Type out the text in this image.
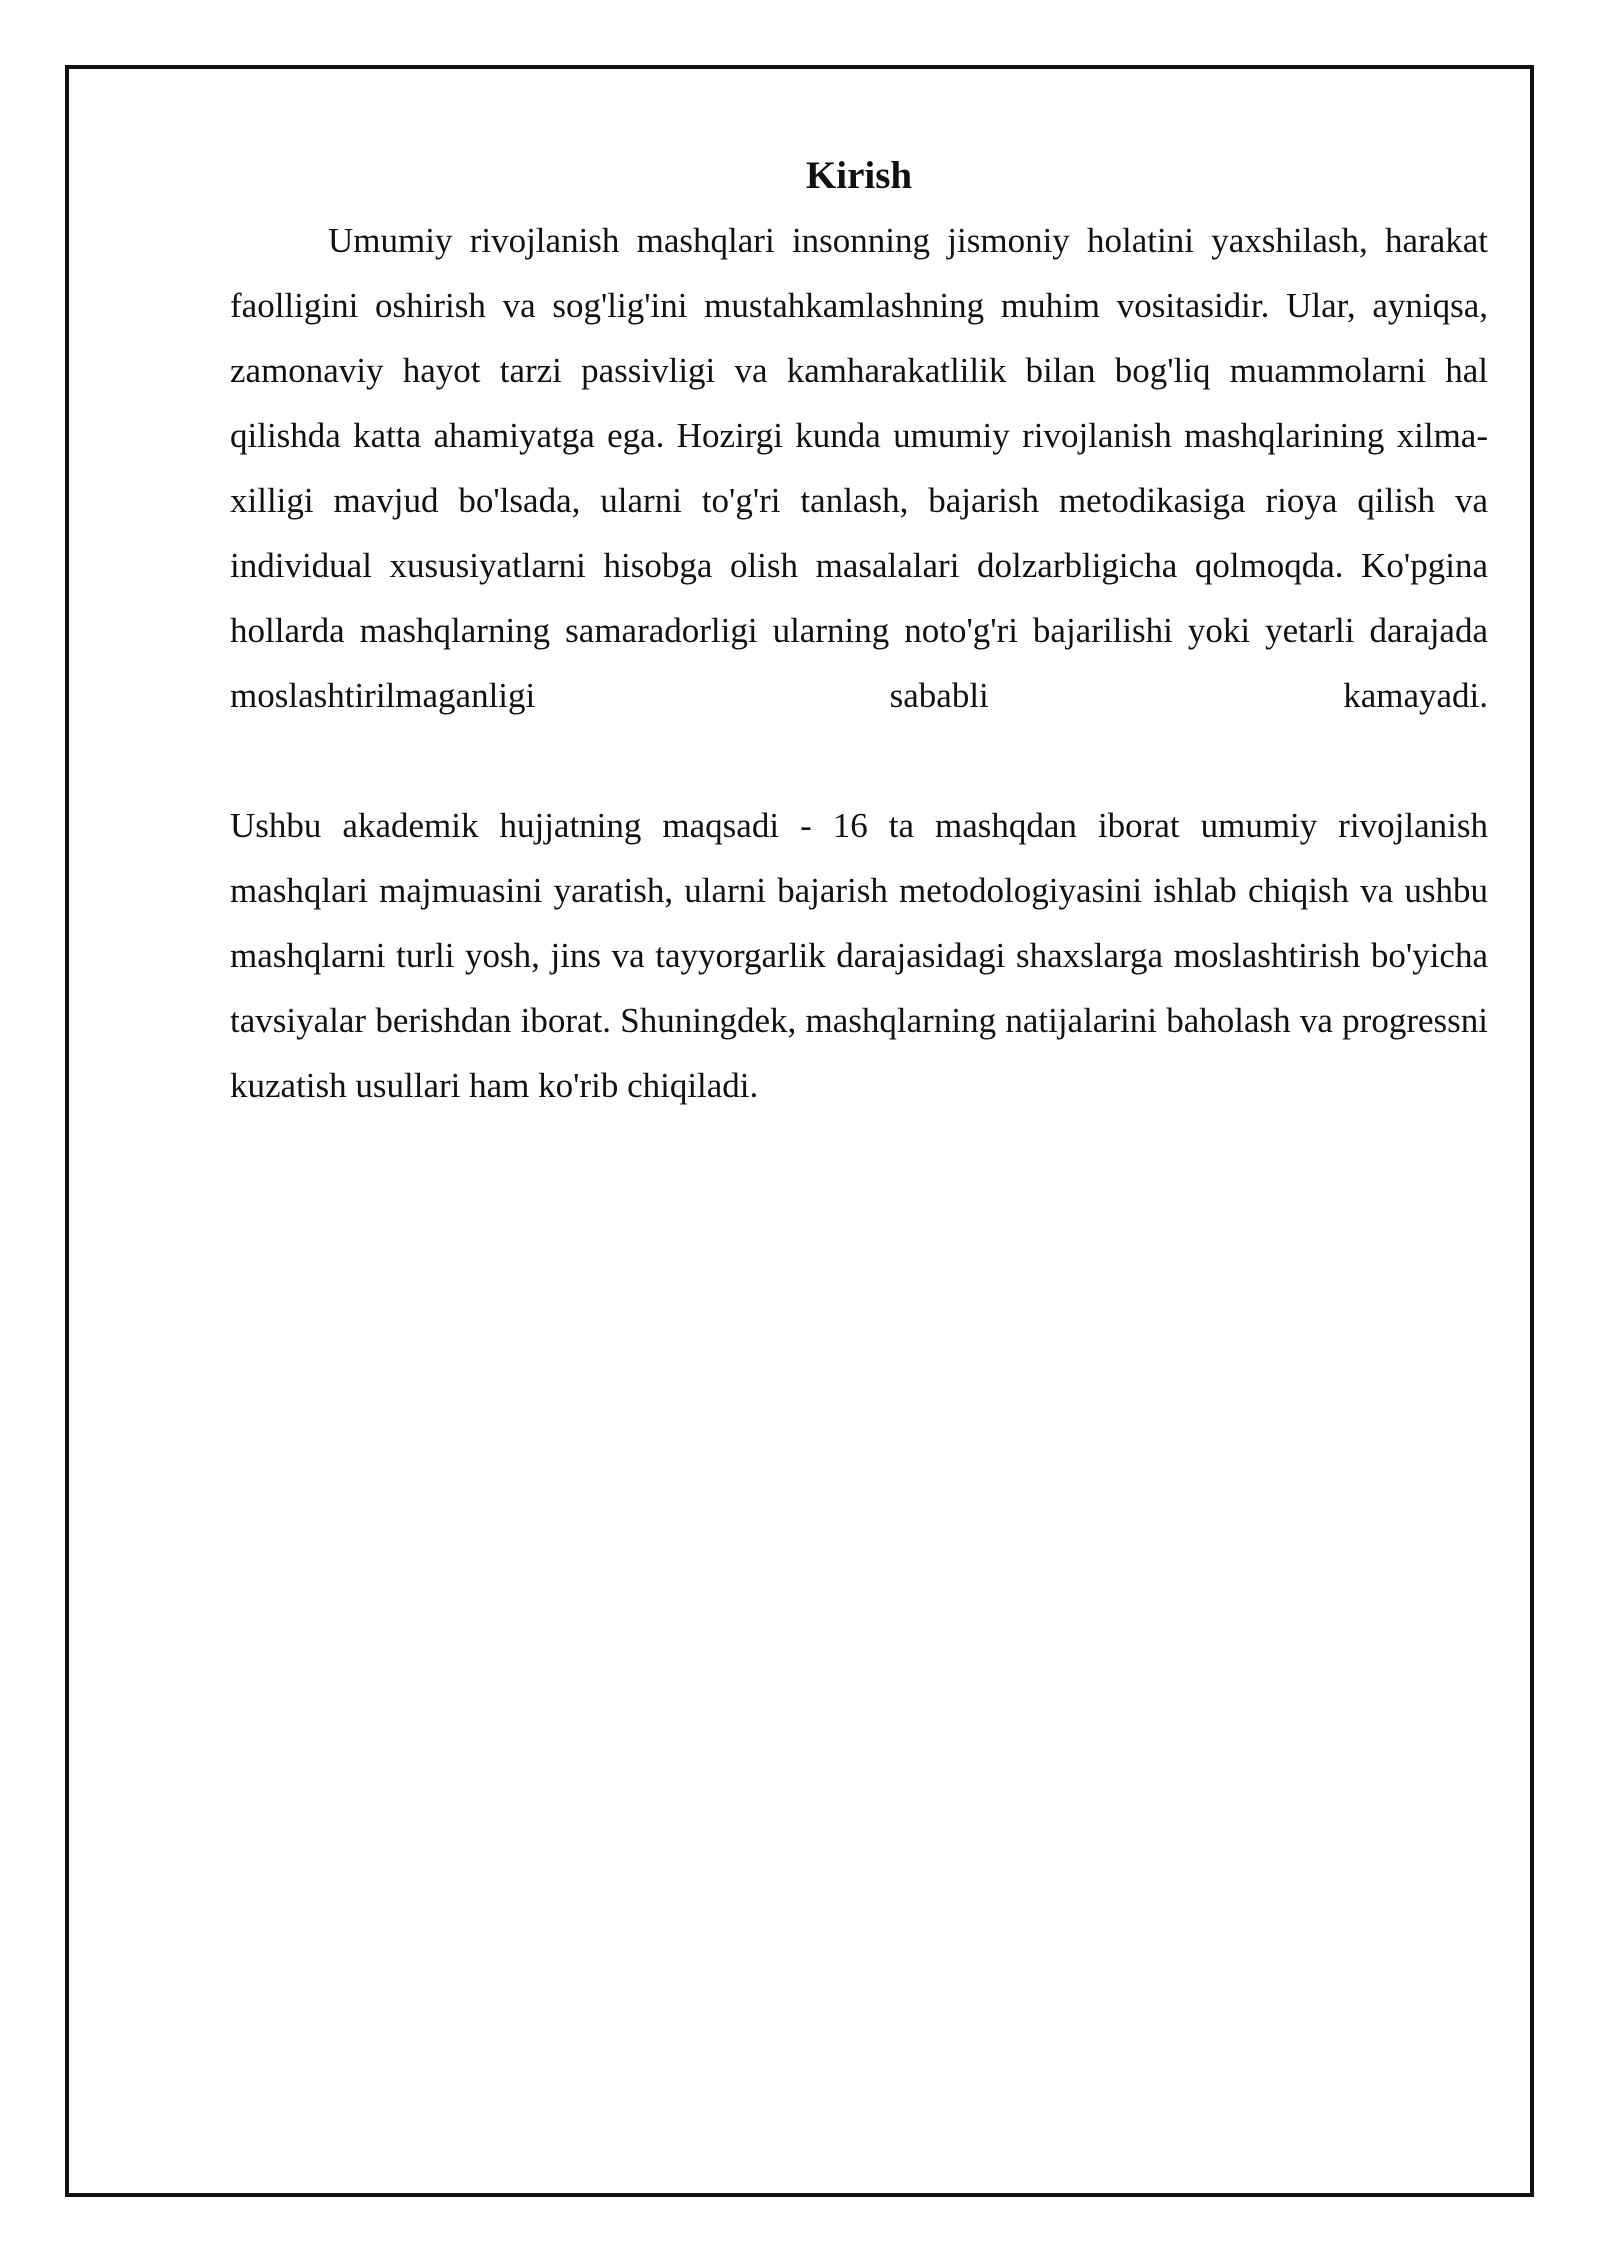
Kirish

Umumiy rivojlanish mashqlari insonning jismoniy holatini yaxshilash, harakat faolligini oshirish va sog'lig'ini mustahkamlashning muhim vositasidir. Ular, ayniqsa, zamonaviy hayot tarzi passivligi va kamharakatlilik bilan bog'liq muammolarni hal qilishda katta ahamiyatga ega. Hozirgi kunda umumiy rivojlanish mashqlarining xilma-xilligi mavjud bo'lsada, ularni to'g'ri tanlash, bajarish metodikasiga rioya qilish va individual xususiyatlarni hisobga olish masalalari dolzarbligicha qolmoqda. Ko'pgina hollarda mashqlarning samaradorligi ularning noto'g'ri bajarilishi yoki yetarli darajada moslashtirilmaganligi sababli kamayadi.

Ushbu akademik hujjatning maqsadi - 16 ta mashqdan iborat umumiy rivojlanish mashqlari majmuasini yaratish, ularni bajarish metodologiyasini ishlab chiqish va ushbu mashqlarni turli yosh, jins va tayyorgarlik darajasidagi shaxslarga moslashtirish bo'yicha tavsiyalar berishdan iborat. Shuningdek, mashqlarning natijalarini baholash va progressni kuzatish usullari ham ko'rib chiqiladi.
